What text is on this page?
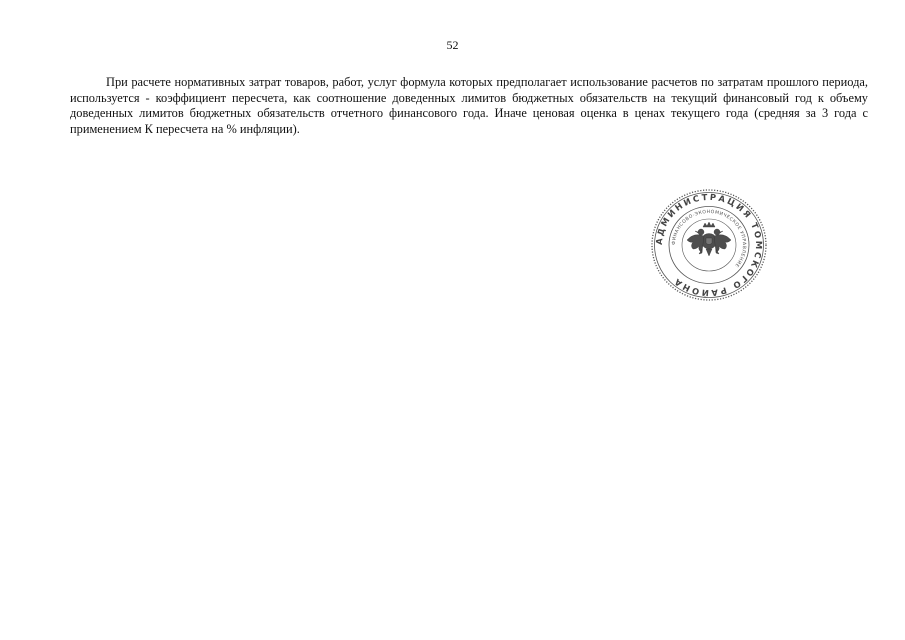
52

При расчете нормативных затрат товаров, работ, услуг формула которых предполагает использование расчетов по затратам прошлого периода, используется - коэффициент пересчета, как соотношение доведенных лимитов бюджетных обязательств на текущий финансовый год к объему доведенных лимитов бюджетных обязательств отчетного финансового года. Иначе ценовая оценка в ценах текущего года (средняя за 3 года с применением К пересчета на % инфляции).

АДМИНИСТРАЦИЯ ТОМСКОГО РАЙОНА
ФИНАНСОВО-ЭКОНОМИЧЕСКОЕ УПРАВЛЕНИЕ
